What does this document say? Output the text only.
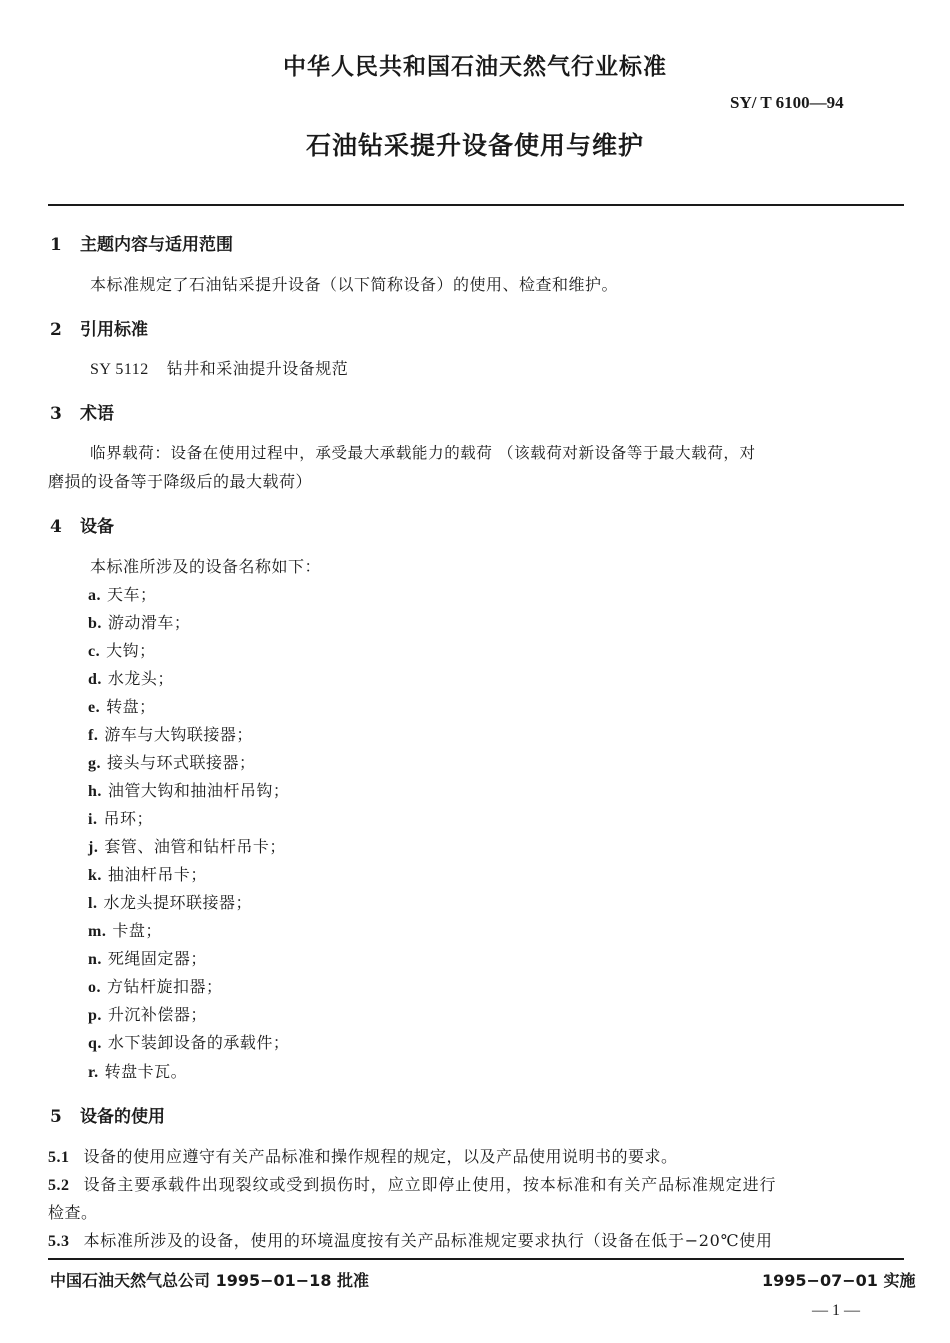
中华人民共和国石油天然气行业标准
SY/ T 6100—94
石油钻采提升设备使用与维护
1 主题内容与适用范围
本标准规定了石油钻采提升设备（以下简称设备）的使用、检查和维护。
2 引用标准
SY 5112 钻井和采油提升设备规范
3 术语
临界载荷：设备在使用过程中，承受最大承载能力的载荷 （该载荷对新设备等于最大载荷，对
磨损的设备等于降级后的最大载荷）
4 设备
本标准所涉及的设备名称如下：
a. 天车；
b. 游动滑车；
c. 大钩；
d. 水龙头；
e. 转盘；
f. 游车与大钩联接器；
g. 接头与环式联接器；
h. 油管大钩和抽油杆吊钩；
i. 吊环；
j. 套管、油管和钻杆吊卡；
k. 抽油杆吊卡；
l. 水龙头提环联接器；
m. 卡盘；
n. 死绳固定器；
o. 方钻杆旋扣器；
p. 升沉补偿器；
q. 水下装卸设备的承载件；
r. 转盘卡瓦。
5 设备的使用
5.1 设备的使用应遵守有关产品标准和操作规程的规定，以及产品使用说明书的要求。
5.2 设备主要承载件出现裂纹或受到损伤时，应立即停止使用，按本标准和有关产品标准规定进行
检查。
5.3 本标准所涉及的设备，使用的环境温度按有关产品标准规定要求执行（设备在低于−20℃使用
中国石油天然气总公司 1995−01−18 批准	1995−07−01 实施
— 1 —
